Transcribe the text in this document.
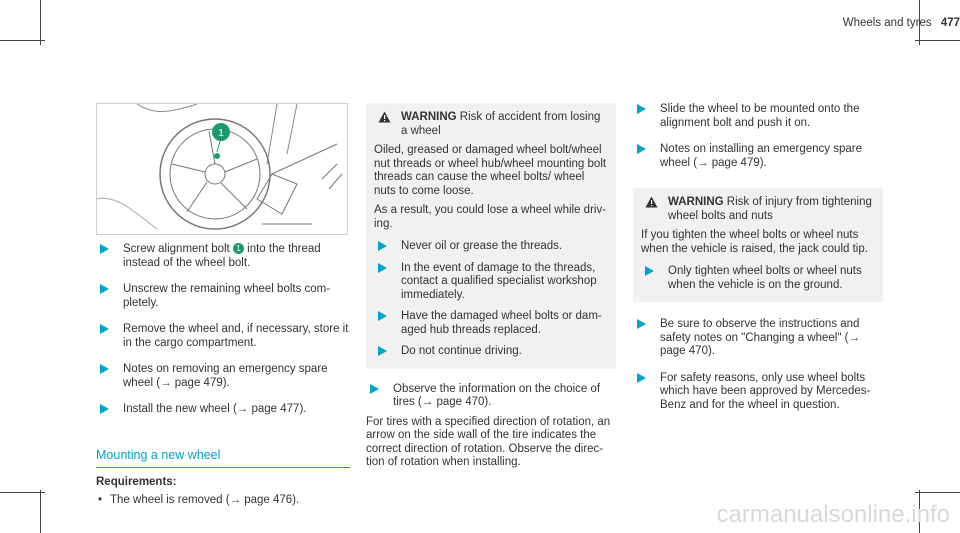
Wheels and tyres 477
1
Screw alignment bolt 1 into the thread instead of the wheel bolt.
Unscrew the remaining wheel bolts com‐ pletely.
Remove the wheel and, if necessary, store it in the cargo compartment.
Notes on removing an emergency spare wheel (→ page 479).
Install the new wheel (→ page 477).
Mounting a new wheel
Requirements:
• The wheel is removed (→ page 476).
WARNING Risk of accident from losing a wheel

Oiled, greased or damaged wheel bolt/wheel nut threads or wheel hub/wheel mounting bolt threads can cause the wheel bolts/ wheel nuts to come loose.

As a result, you could lose a wheel while driv‐ ing.

Never oil or grease the threads.
In the event of damage to the threads, contact a qualified specialist workshop immediately.
Have the damaged wheel bolts or dam‐ aged hub threads replaced.
Do not continue driving.
Observe the information on the choice of tires (→ page 470).

For tires with a specified direction of rotation, an arrow on the side wall of the tire indicates the correct direction of rotation. Observe the direc‐ tion of rotation when installing.

Slide the wheel to be mounted onto the alignment bolt and push it on.
Notes on installing an emergency spare wheel (→ page 479).
WARNING Risk of injury from tightening wheel bolts and nuts

If you tighten the wheel bolts or wheel nuts when the vehicle is raised, the jack could tip.

Only tighten wheel bolts or wheel nuts when the vehicle is on the ground.
Be sure to observe the instructions and safety notes on "Changing a wheel" (→ page 470).
For safety reasons, only use wheel bolts which have been approved by Mercedes- Benz and for the wheel in question.
carmanualsonline.info
